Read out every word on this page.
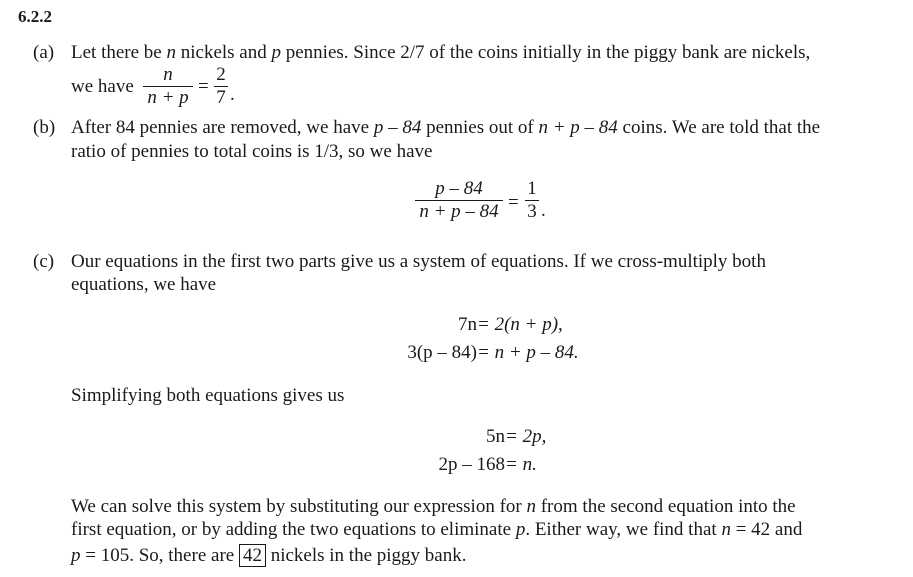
6.2.2
(a) Let there be n nickels and p pennies. Since 2/7 of the coins initially in the piggy bank are nickels,
we have
n
n + p
=
2
7 .
(b) After 84 pennies are removed, we have p – 84 pennies out of n + p – 84 coins. We are told that the
ratio of pennies to total coins is 1/3, so we have
p – 84
n + p – 84 =
1
3 .
(c) Our equations in the first two parts give us a system of equations. If we cross-multiply both
equations, we have
7n = 2(n + p),
3(p – 84) = n + p – 84.
Simplifying both equations gives us
5n = 2p,
2p – 168 = n.
We can solve this system by substituting our expression for n from the second equation into the
first equation, or by adding the two equations to eliminate p. Either way, we find that n = 42 and
p = 105. So, there are 42 nickels in the piggy bank.
